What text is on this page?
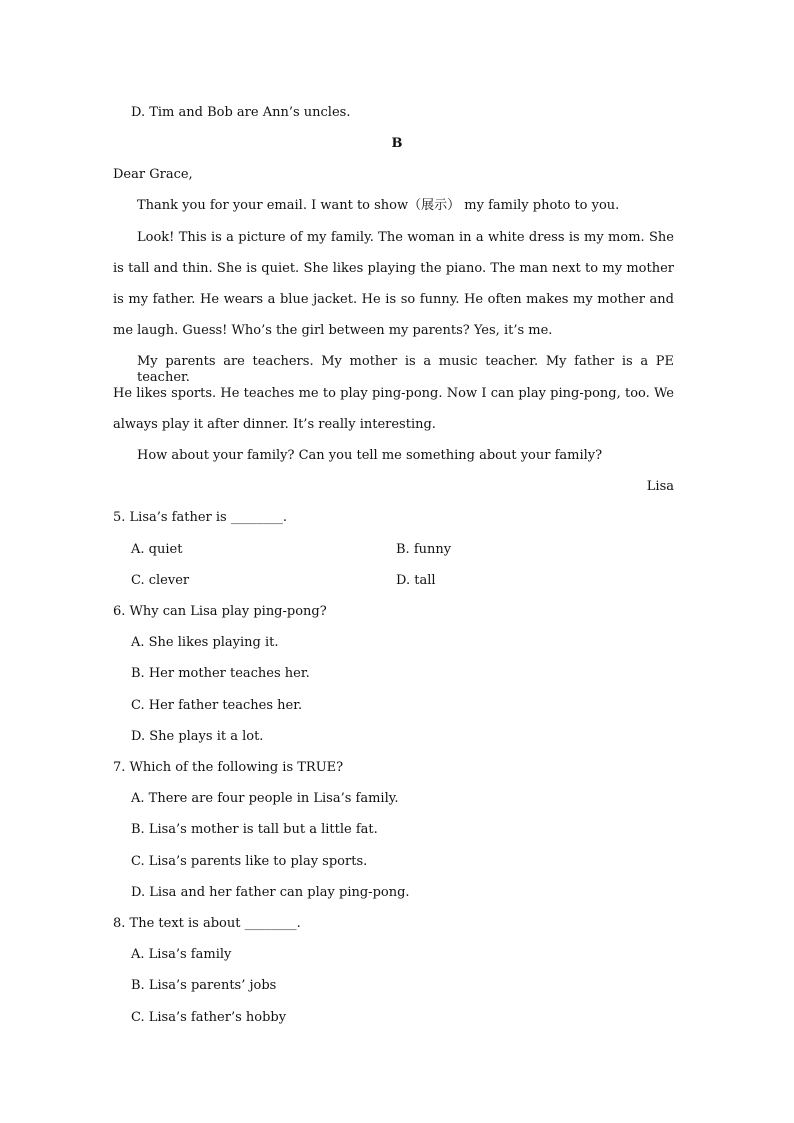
D. Tim and Bob are Ann’s uncles.
B
Dear Grace,
Thank you for your email. I want to show（展示） my family photo to you.
Look! This is a picture of my family. The woman in a white dress is my mom. She
is tall and thin. She is quiet. She likes playing the piano. The man next to my mother
is my father. He wears a blue jacket. He is so funny. He often makes my mother and
me laugh. Guess! Who’s the girl between my parents? Yes, it’s me.
My parents are teachers. My mother is a music teacher. My father is a PE teacher.
He likes sports. He teaches me to play ping-pong. Now I can play ping-pong, too. We
always play it after dinner. It’s really interesting.
How about your family? Can you tell me something about your family?
Lisa
5. Lisa’s father is ________.
A. quiet	B. funny
C. clever	D. tall
6. Why can Lisa play ping-pong?
A. She likes playing it.
B. Her mother teaches her.
C. Her father teaches her.
D. She plays it a lot.
7. Which of the following is TRUE?
A. There are four people in Lisa’s family.
B. Lisa’s mother is tall but a little fat.
C. Lisa’s parents like to play sports.
D. Lisa and her father can play ping-pong.
8. The text is about ________.
A. Lisa’s family
B. Lisa’s parents’ jobs
C. Lisa’s father’s hobby
